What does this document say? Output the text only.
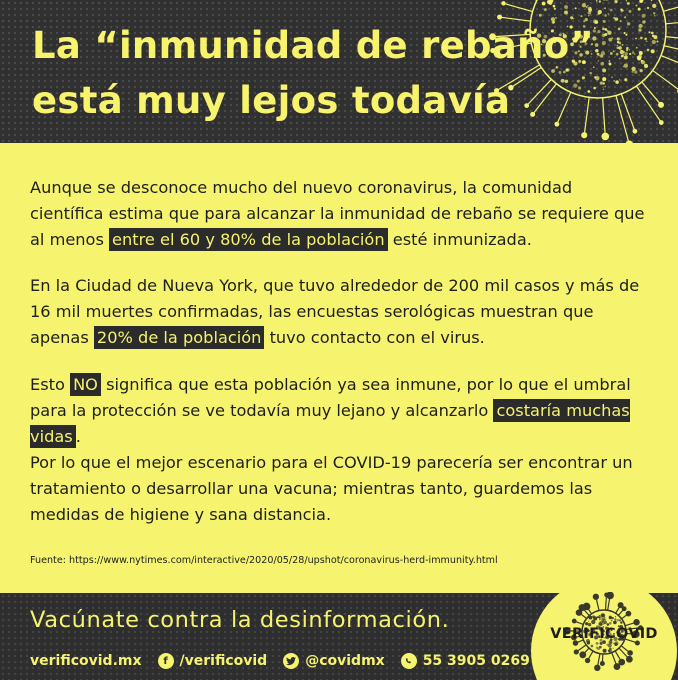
La “inmunidad de rebaño”
está muy lejos todavía

Aunque se desconoce mucho del nuevo coronavirus, la comunidad científica estima que para alcanzar la inmunidad de rebaño se requiere que al menos entre el 60 y 80% de la población esté inmunizada.

En la Ciudad de Nueva York, que tuvo alrededor de 200 mil casos y más de 16 mil muertes confirmadas, las encuestas serológicas muestran que apenas 20% de la población tuvo contacto con el virus.

Esto NO significa que esta población ya sea inmune, por lo que el umbral para la protección se ve todavía muy lejano y alcanzarlo costaría muchas vidas .

Por lo que el mejor escenario para el COVID-19 parecería ser encontrar un tratamiento o desarrollar una vacuna; mientras tanto, guardemos las medidas de higiene y sana distancia.

Fuente: https://www.nytimes.com/interactive/2020/05/28/upshot/coronavirus-herd-immunity.html
Vacúnate contra la desinformación.
verificovid.mx	f /verificovid	@covidmx	55 3905 0269
VERIFICOVID
